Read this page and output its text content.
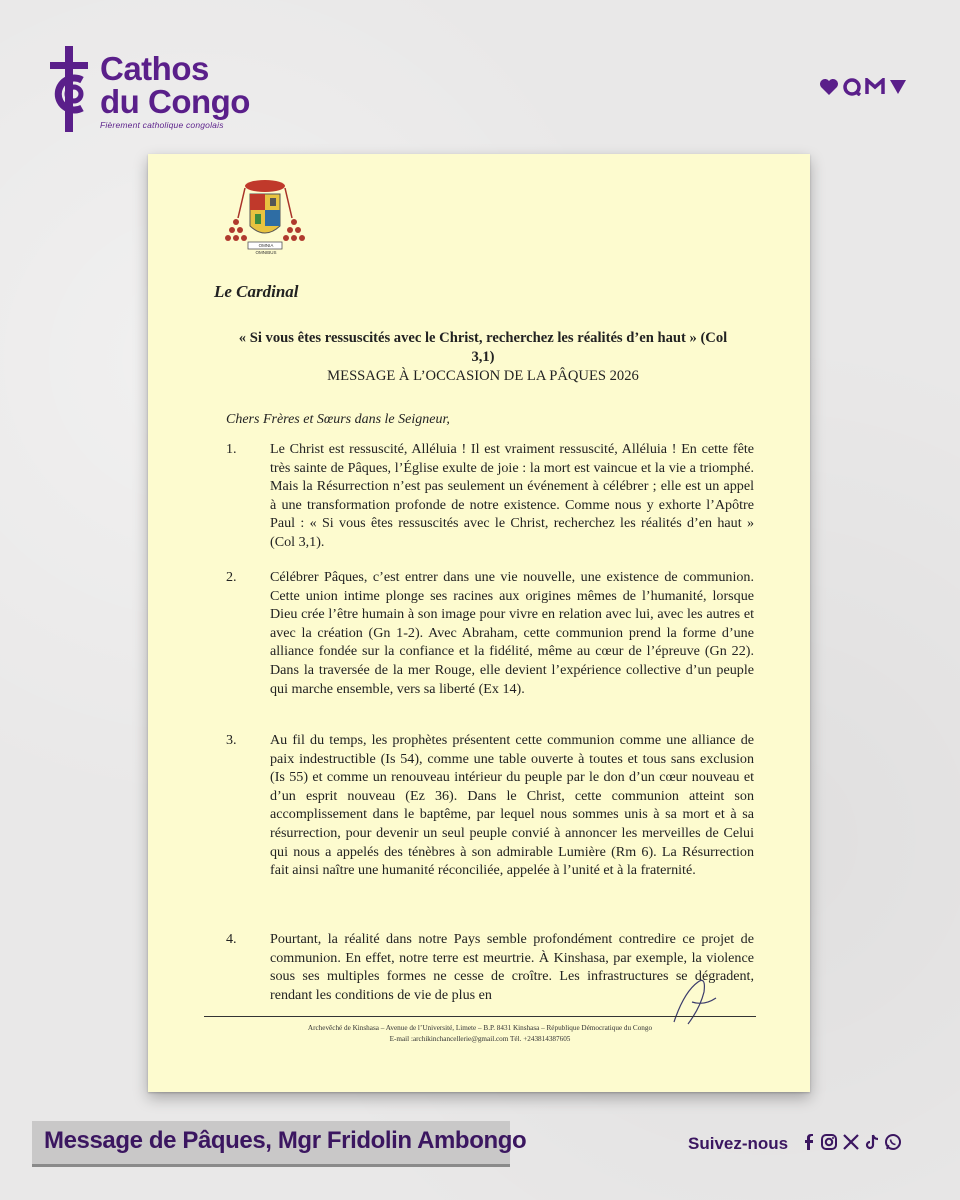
Cathos
du Congo
Fièrement catholique congolais
OMNIA OMNIBUS
Le Cardinal
« Si vous êtes ressuscités avec le Christ, recherchez les réalités d’en haut » (Col 3,1)
MESSAGE À L’OCCASION DE LA PÂQUES 2026
Chers Frères et Sœurs dans le Seigneur,
1. Le Christ est ressuscité, Alléluia ! Il est vraiment ressuscité, Alléluia ! En cette fête très sainte de Pâques, l’Église exulte de joie : la mort est vaincue et la vie a triomphé. Mais la Résurrection n’est pas seulement un événement à célébrer ; elle est un appel à une transformation profonde de notre existence. Comme nous y exhorte l’Apôtre Paul : « Si vous êtes ressuscités avec le Christ, recherchez les réalités d’en haut » (Col 3,1).
2. Célébrer Pâques, c’est entrer dans une vie nouvelle, une existence de communion. Cette union intime plonge ses racines aux origines mêmes de l’humanité, lorsque Dieu crée l’être humain à son image pour vivre en relation avec lui, avec les autres et avec la création (Gn 1-2). Avec Abraham, cette communion prend la forme d’une alliance fondée sur la confiance et la fidélité, même au cœur de l’épreuve (Gn 22). Dans la traversée de la mer Rouge, elle devient l’expérience collective d’un peuple qui marche ensemble, vers sa liberté (Ex 14).
3. Au fil du temps, les prophètes présentent cette communion comme une alliance de paix indestructible (Is 54), comme une table ouverte à toutes et tous sans exclusion (Is 55) et comme un renouveau intérieur du peuple par le don d’un cœur nouveau et d’un esprit nouveau (Ez 36). Dans le Christ, cette communion atteint son accomplissement dans le baptême, par lequel nous sommes unis à sa mort et à sa résurrection, pour devenir un seul peuple convié à annoncer les merveilles de Celui qui nous a appelés des ténèbres à son admirable Lumière (Rm 6). La Résurrection fait ainsi naître une humanité réconciliée, appelée à l’unité et à la fraternité.
4. Pourtant, la réalité dans notre Pays semble profondément contredire ce projet de communion. En effet, notre terre est meurtrie. À Kinshasa, par exemple, la violence sous ses multiples formes ne cesse de croître. Les infrastructures se dégradent, rendant les conditions de vie de plus en
Archevêché de Kinshasa – Avenue de l’Université, Limete – B.P. 8431 Kinshasa – République Démocratique du Congo
E-mail :archikinchancellerie@gmail.com Tél. +243814387605
Message de Pâques, Mgr Fridolin Ambongo	Suivez-nous
